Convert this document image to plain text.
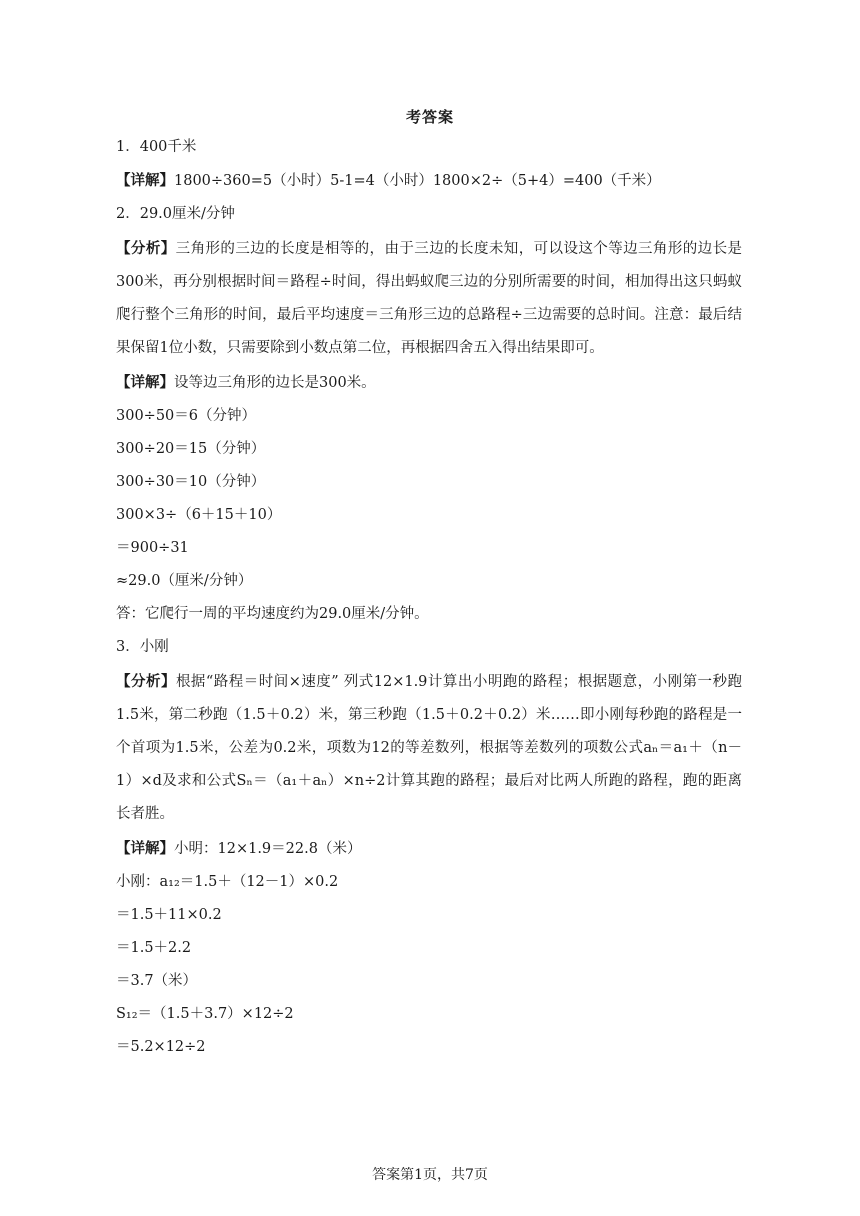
考答案

1．400千米

【详解】1800÷360=5（小时）5-1=4（小时）1800×2÷（5+4）=400（千米）

2．29.0厘米/分钟

【分析】三角形的三边的长度是相等的，由于三边的长度未知，可以设这个等边三角形的边长是300米，再分别根据时间＝路程÷时间，得出蚂蚁爬三边的分别所需要的时间，相加得出这只蚂蚁爬行整个三角形的时间，最后平均速度＝三角形三边的总路程÷三边需要的总时间。注意：最后结果保留1位小数，只需要除到小数点第二位，再根据四舍五入得出结果即可。

【详解】设等边三角形的边长是300米。

300÷50＝6（分钟）

300÷20＝15（分钟）

300÷30＝10（分钟）

300×3÷（6＋15＋10）

＝900÷31

≈29.0（厘米/分钟）

答：它爬行一周的平均速度约为29.0厘米/分钟。

3．小刚

【分析】根据“路程＝时间×速度” 列式12×1.9计算出小明跑的路程；根据题意，小刚第一秒跑1.5米，第二秒跑（1.5＋0.2）米，第三秒跑（1.5＋0.2＋0.2）米……即小刚每秒跑的路程是一个首项为1.5米，公差为0.2米，项数为12的等差数列，根据等差数列的项数公式aₙ＝a₁＋（n－1）×d及求和公式Sₙ＝（a₁＋aₙ）×n÷2计算其跑的路程；最后对比两人所跑的路程，跑的距离长者胜。

【详解】小明：12×1.9＝22.8（米）

小刚：a₁₂＝1.5＋（12－1）×0.2

＝1.5＋11×0.2

＝1.5＋2.2

＝3.7（米）

S₁₂＝（1.5＋3.7）×12÷2

＝5.2×12÷2

答案第1页，共7页
